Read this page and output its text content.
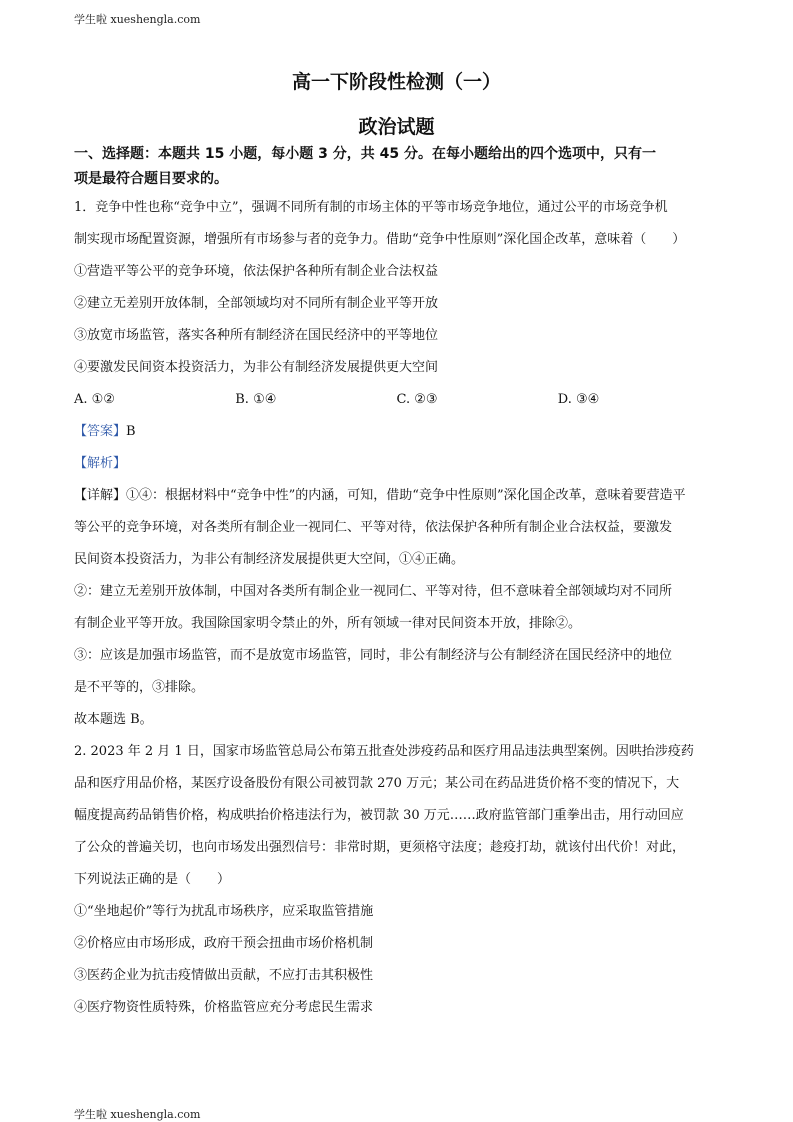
学生啦 xueshengla.com
高一下阶段性检测（一）
政治试题

一、选择题：本题共 15 小题，每小题 3 分，共 45 分。在每小题给出的四个选项中，只有一

项是最符合题目要求的。

1．竞争中性也称“竞争中立”，强调不同所有制的市场主体的平等市场竞争地位，通过公平的市场竞争机

制实现市场配置资源，增强所有市场参与者的竞争力。借助“竞争中性原则”深化国企改革，意味着（　　）

①营造平等公平的竞争环境，依法保护各种所有制企业合法权益

②建立无差别开放体制，全部领域均对不同所有制企业平等开放

③放宽市场监管，落实各种所有制经济在国民经济中的平等地位

④要激发民间资本投资活力，为非公有制经济发展提供更大空间

A. ①②	B. ①④	C. ②③	D. ③④

【答案】B

【解析】

【详解】①④：根据材料中“竞争中性”的内涵，可知，借助“竞争中性原则”深化国企改革，意味着要营造平

等公平的竞争环境，对各类所有制企业一视同仁、平等对待，依法保护各种所有制企业合法权益，要激发

民间资本投资活力，为非公有制经济发展提供更大空间，①④正确。

②：建立无差别开放体制，中国对各类所有制企业一视同仁、平等对待，但不意味着全部领域均对不同所

有制企业平等开放。我国除国家明令禁止的外，所有领域一律对民间资本开放，排除②。

③：应该是加强市场监管，而不是放宽市场监管，同时，非公有制经济与公有制经济在国民经济中的地位

是不平等的，③排除。

故本题选 B。

2. 2023 年 2 月 1 日，国家市场监管总局公布第五批查处涉疫药品和医疗用品违法典型案例。因哄抬涉疫药

品和医疗用品价格，某医疗设备股份有限公司被罚款 270 万元；某公司在药品进货价格不变的情况下，大

幅度提高药品销售价格，构成哄抬价格违法行为，被罚款 30 万元……政府监管部门重拳出击，用行动回应

了公众的普遍关切，也向市场发出强烈信号：非常时期，更须格守法度；趁疫打劫，就该付出代价！对此，

下列说法正确的是（　　）

①“坐地起价”等行为扰乱市场秩序，应采取监管措施

②价格应由市场形成，政府干预会扭曲市场价格机制

③医药企业为抗击疫情做出贡献，不应打击其积极性

④医疗物资性质特殊，价格监管应充分考虑民生需求

学生啦 xueshengla.com
